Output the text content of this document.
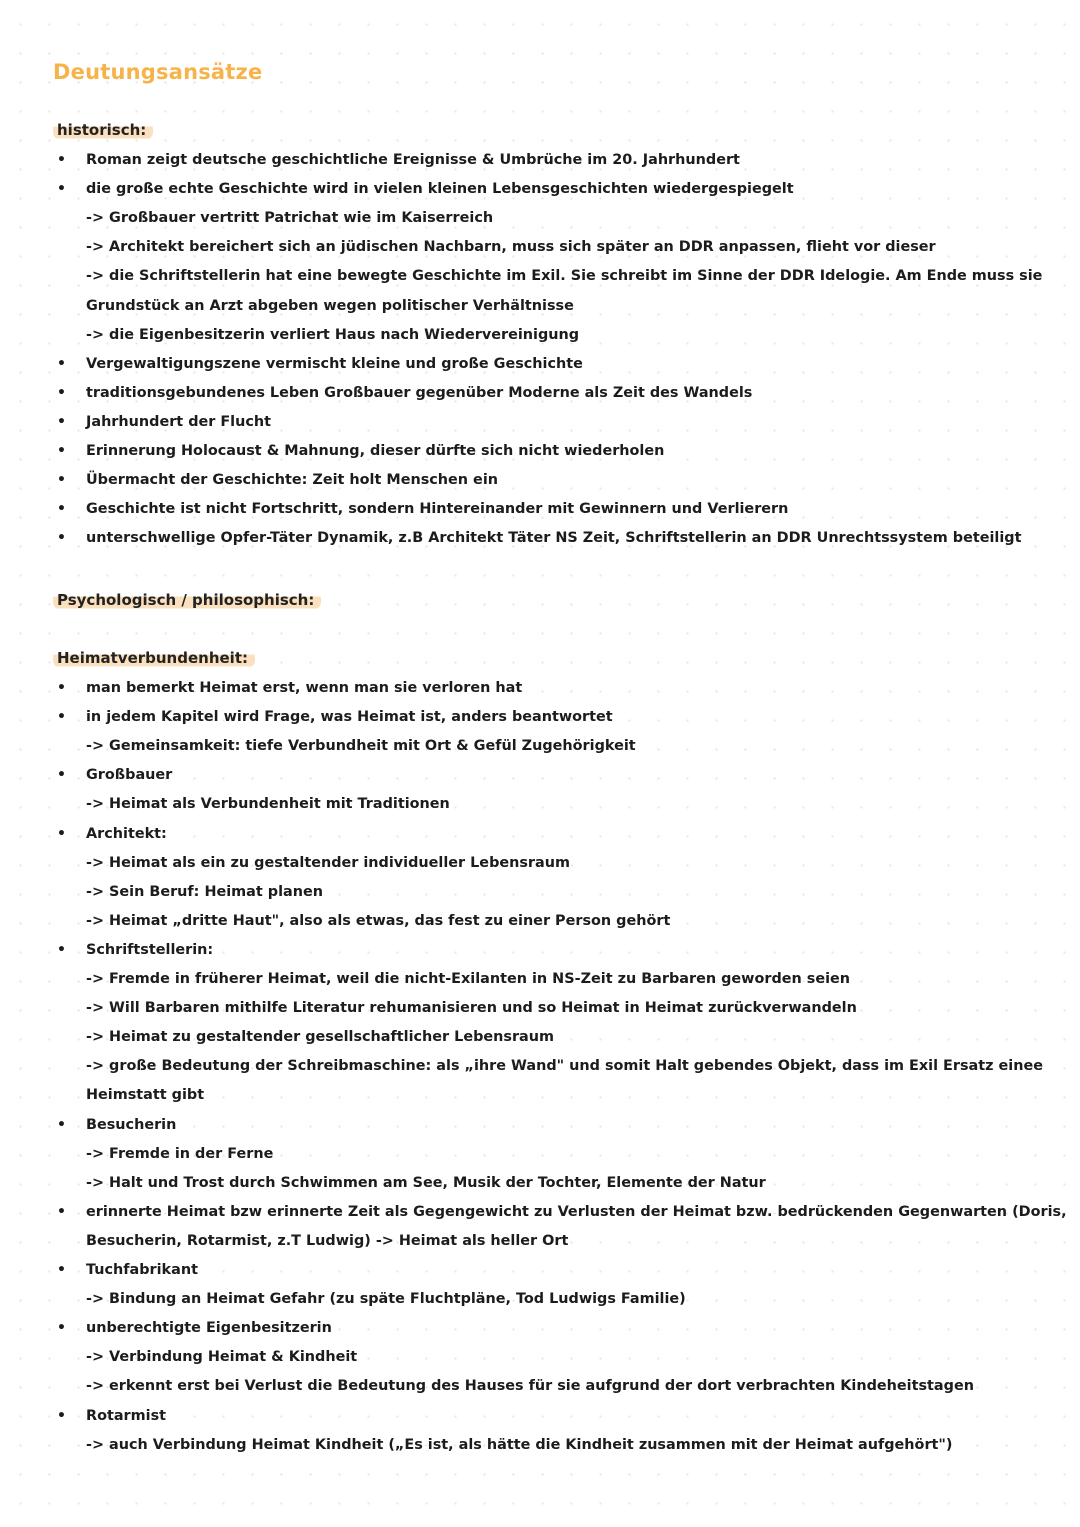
Deutungsansätze
historisch:
• Roman zeigt deutsche geschichtliche Ereignisse & Umbrüche im 20. Jahrhundert
• die große echte Geschichte wird in vielen kleinen Lebensgeschichten wiedergespiegelt
-> Großbauer vertritt Patrichat wie im Kaiserreich
-> Architekt bereichert sich an jüdischen Nachbarn, muss sich später an DDR anpassen, flieht vor dieser
-> die Schriftstellerin hat eine bewegte Geschichte im Exil. Sie schreibt im Sinne der DDR Idelogie. Am Ende muss sie
Grundstück an Arzt abgeben wegen politischer Verhältnisse
-> die Eigenbesitzerin verliert Haus nach Wiedervereinigung
• Vergewaltigungszene vermischt kleine und große Geschichte
• traditionsgebundenes Leben Großbauer gegenüber Moderne als Zeit des Wandels
• Jahrhundert der Flucht
• Erinnerung Holocaust & Mahnung, dieser dürfte sich nicht wiederholen
• Übermacht der Geschichte: Zeit holt Menschen ein
• Geschichte ist nicht Fortschritt, sondern Hintereinander mit Gewinnern und Verlierern
• unterschwellige Opfer-Täter Dynamik, z.B Architekt Täter NS Zeit, Schriftstellerin an DDR Unrechtssystem beteiligt
Psychologisch / philosophisch:
Heimatverbundenheit:
• man bemerkt Heimat erst, wenn man sie verloren hat
• in jedem Kapitel wird Frage, was Heimat ist, anders beantwortet
-> Gemeinsamkeit: tiefe Verbundheit mit Ort & Gefül Zugehörigkeit
• Großbauer
-> Heimat als Verbundenheit mit Traditionen
• Architekt:
-> Heimat als ein zu gestaltender individueller Lebensraum
-> Sein Beruf: Heimat planen
-> Heimat „dritte Haut", also als etwas, das fest zu einer Person gehört
• Schriftstellerin:
-> Fremde in früherer Heimat, weil die nicht-Exilanten in NS-Zeit zu Barbaren geworden seien
-> Will Barbaren mithilfe Literatur rehumanisieren und so Heimat in Heimat zurückverwandeln
-> Heimat zu gestaltender gesellschaftlicher Lebensraum
-> große Bedeutung der Schreibmaschine: als „ihre Wand" und somit Halt gebendes Objekt, dass im Exil Ersatz einee
Heimstatt gibt
• Besucherin
-> Fremde in der Ferne
-> Halt und Trost durch Schwimmen am See, Musik der Tochter, Elemente der Natur
• erinnerte Heimat bzw erinnerte Zeit als Gegengewicht zu Verlusten der Heimat bzw. bedrückenden Gegenwarten (Doris,
Besucherin, Rotarmist, z.T Ludwig) -> Heimat als heller Ort
• Tuchfabrikant
-> Bindung an Heimat Gefahr (zu späte Fluchtpläne, Tod Ludwigs Familie)
• unberechtigte Eigenbesitzerin
-> Verbindung Heimat & Kindheit
-> erkennt erst bei Verlust die Bedeutung des Hauses für sie aufgrund der dort verbrachten Kindeheitstagen
• Rotarmist
-> auch Verbindung Heimat Kindheit („Es ist, als hätte die Kindheit zusammen mit der Heimat aufgehört")
